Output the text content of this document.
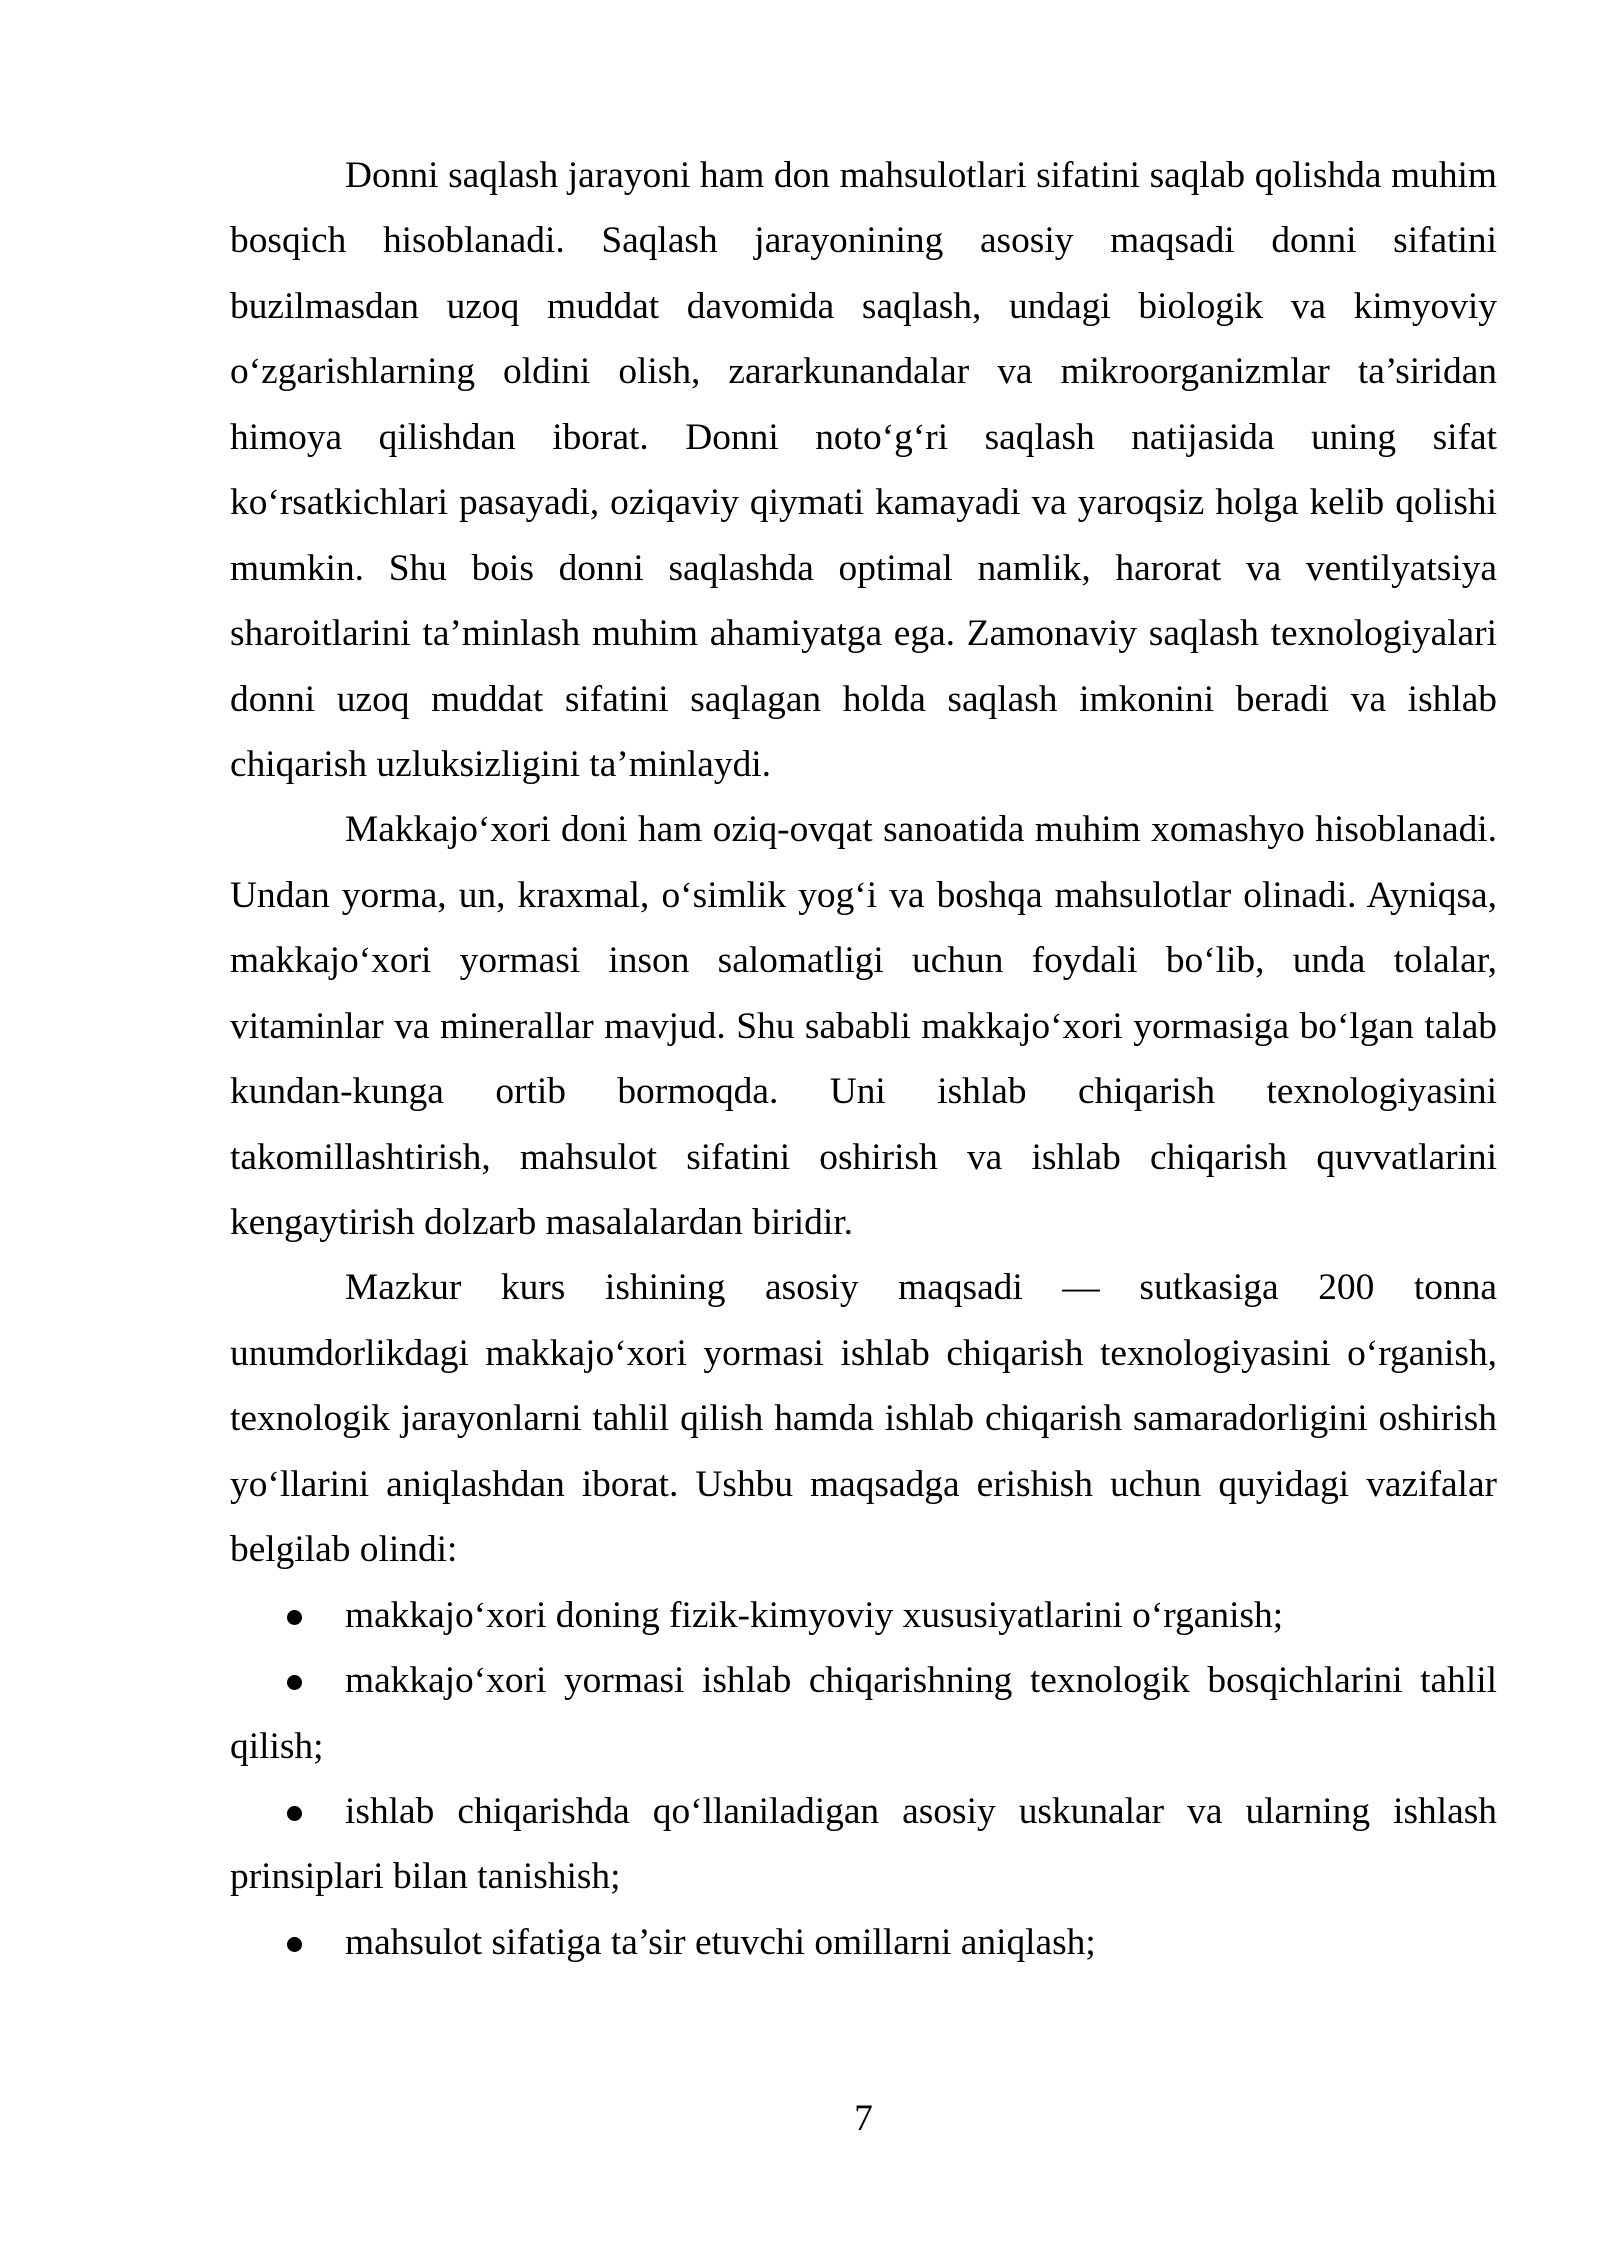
Donni saqlash jarayoni ham don mahsulotlari sifatini saqlab qolishda muhim
bosqich hisoblanadi. Saqlash jarayonining asosiy maqsadi donni sifatini
buzilmasdan uzoq muddat davomida saqlash, undagi biologik va kimyoviy
o‘zgarishlarning oldini olish, zararkunandalar va mikroorganizmlar ta’siridan
himoya qilishdan iborat. Donni noto‘g‘ri saqlash natijasida uning sifat
ko‘rsatkichlari pasayadi, oziqaviy qiymati kamayadi va yaroqsiz holga kelib qolishi
mumkin. Shu bois donni saqlashda optimal namlik, harorat va ventilyatsiya
sharoitlarini ta’minlash muhim ahamiyatga ega. Zamonaviy saqlash texnologiyalari
donni uzoq muddat sifatini saqlagan holda saqlash imkonini beradi va ishlab
chiqarish uzluksizligini ta’minlaydi.
Makkajo‘xori doni ham oziq-ovqat sanoatida muhim xomashyo hisoblanadi.
Undan yorma, un, kraxmal, o‘simlik yog‘i va boshqa mahsulotlar olinadi. Ayniqsa,
makkajo‘xori yormasi inson salomatligi uchun foydali bo‘lib, unda tolalar,
vitaminlar va minerallar mavjud. Shu sababli makkajo‘xori yormasiga bo‘lgan talab
kundan-kunga ortib bormoqda. Uni ishlab chiqarish texnologiyasini
takomillashtirish, mahsulot sifatini oshirish va ishlab chiqarish quvvatlarini
kengaytirish dolzarb masalalardan biridir.
Mazkur kurs ishining asosiy maqsadi — sutkasiga 200 tonna
unumdorlikdagi makkajo‘xori yormasi ishlab chiqarish texnologiyasini o‘rganish,
texnologik jarayonlarni tahlil qilish hamda ishlab chiqarish samaradorligini oshirish
yo‘llarini aniqlashdan iborat. Ushbu maqsadga erishish uchun quyidagi vazifalar
belgilab olindi:
makkajo‘xori doning fizik-kimyoviy xususiyatlarini o‘rganish;
makkajo‘xori yormasi ishlab chiqarishning texnologik bosqichlarini tahlil
qilish;
ishlab chiqarishda qo‘llaniladigan asosiy uskunalar va ularning ishlash
prinsiplari bilan tanishish;
mahsulot sifatiga ta’sir etuvchi omillarni aniqlash;
7
